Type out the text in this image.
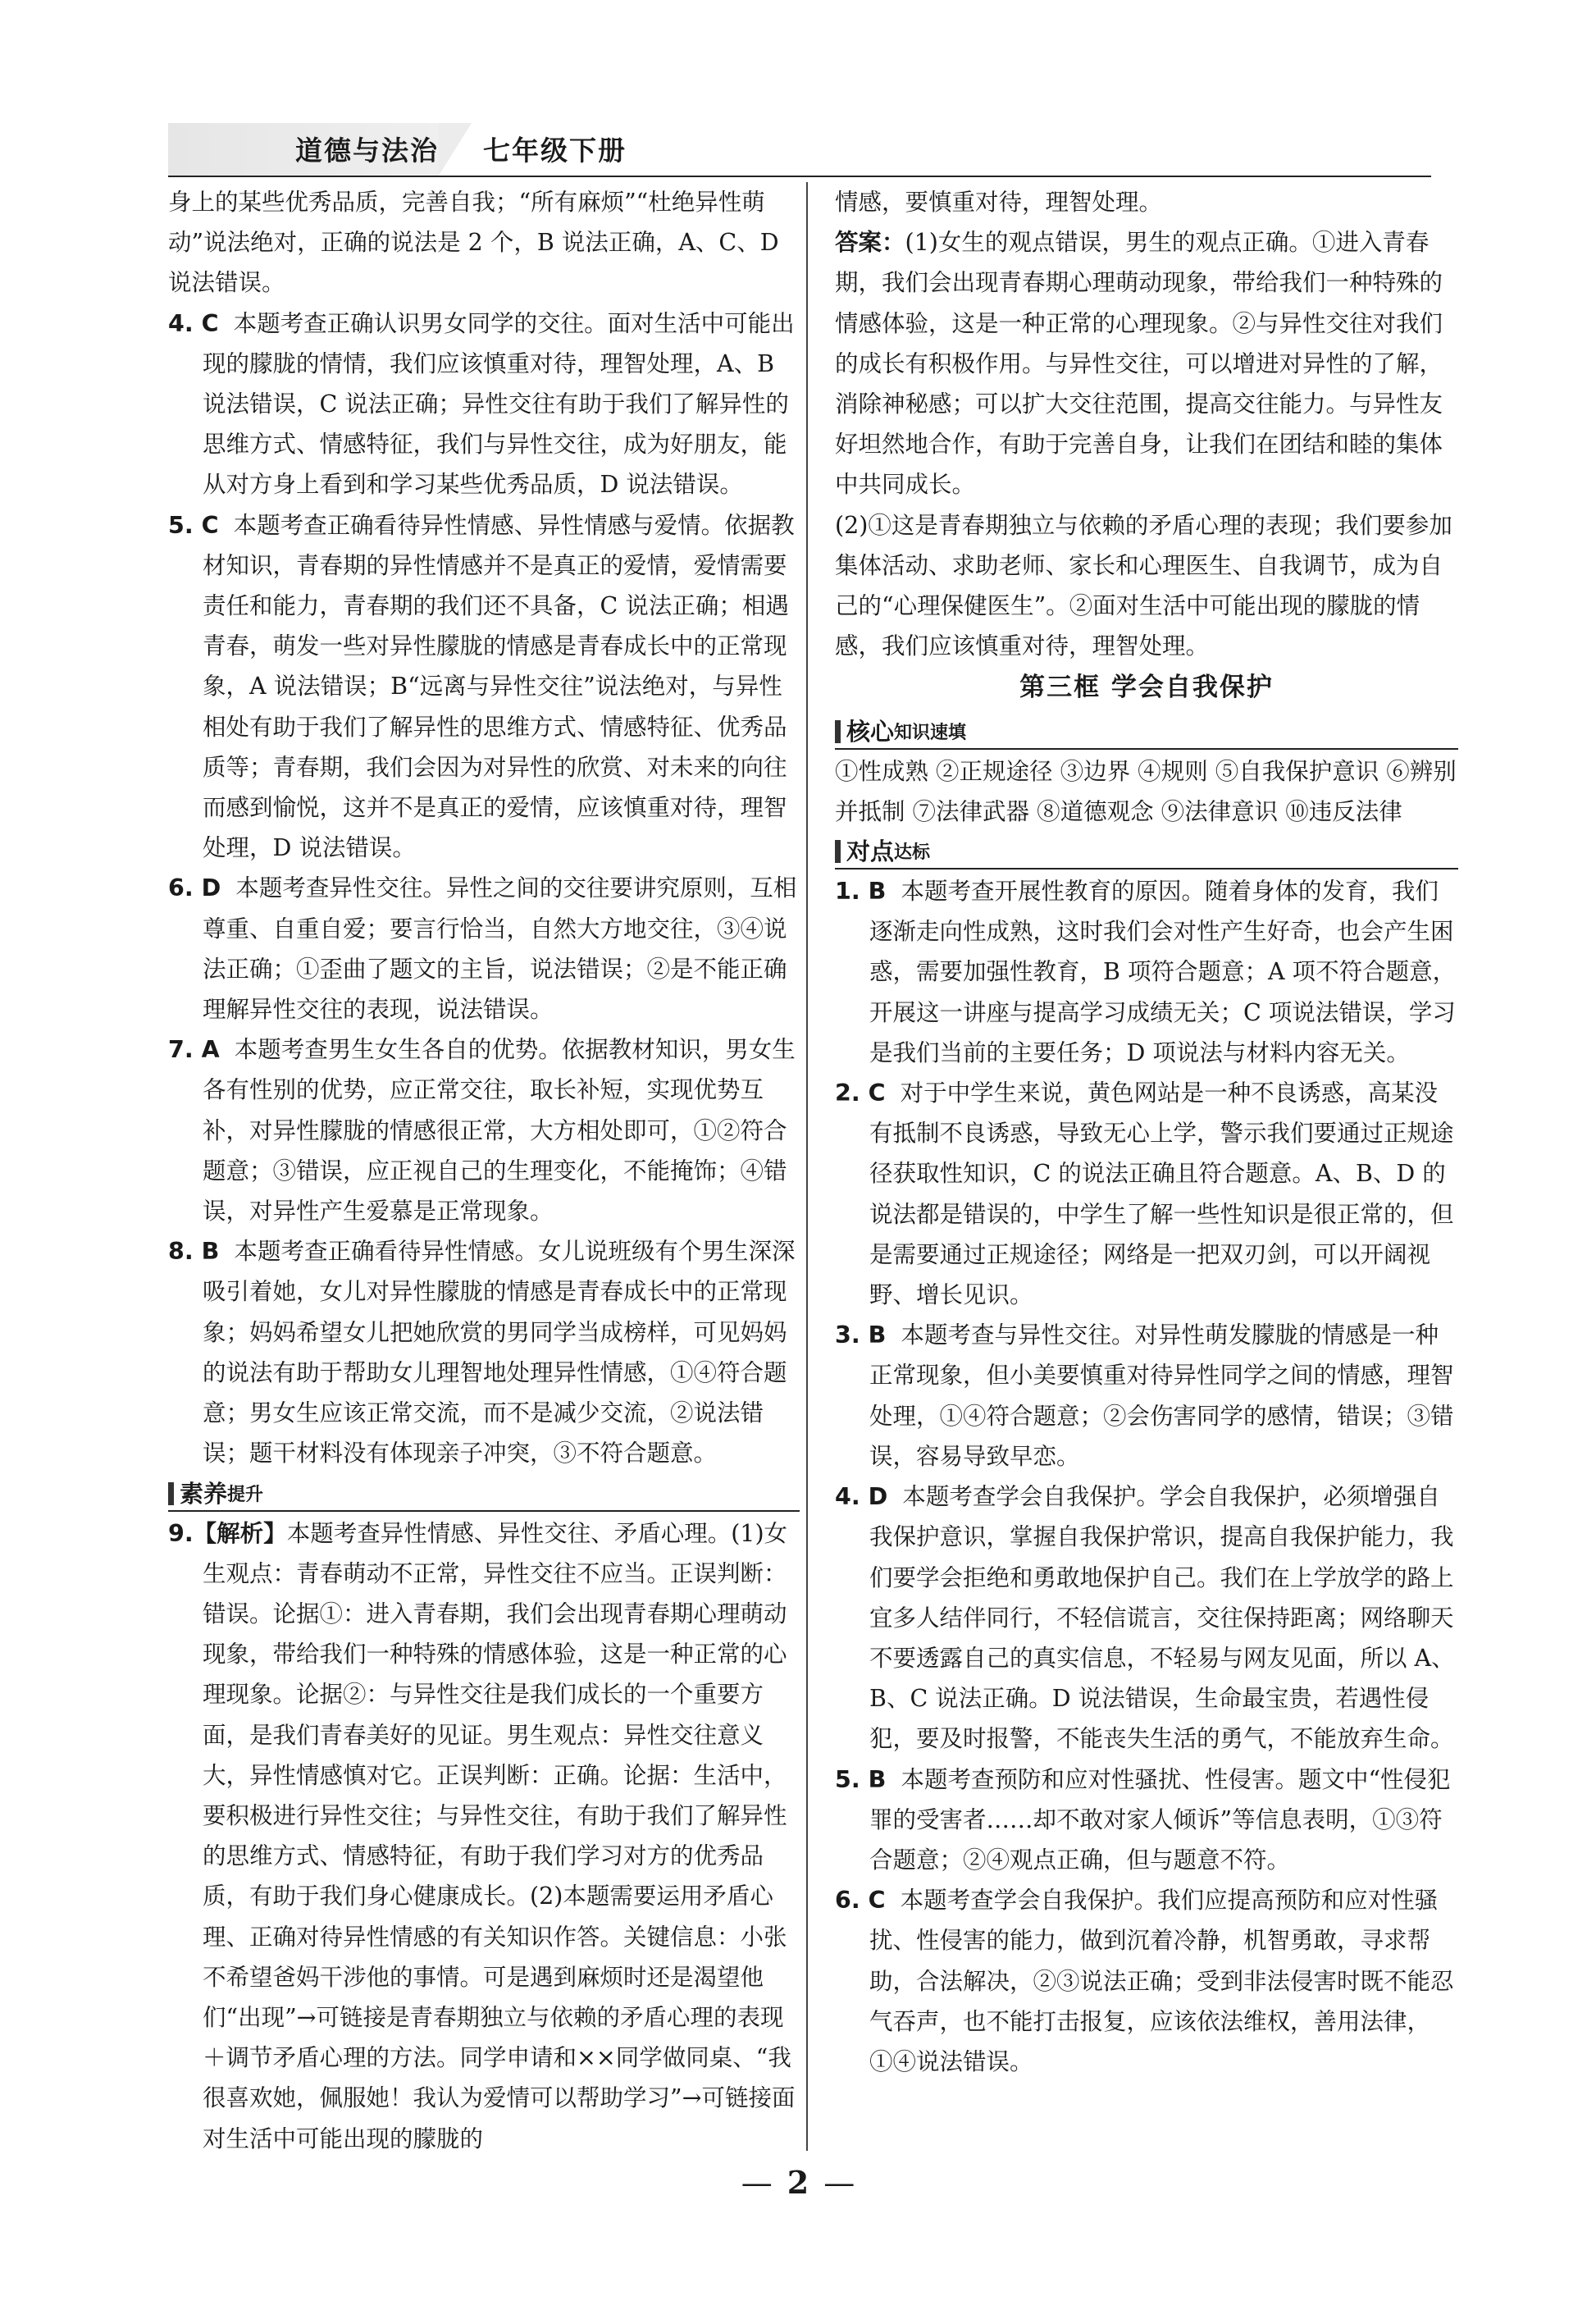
道德与法治    七年级下册

身上的某些优秀品质，完善自我；“所有麻烦”“杜绝异性萌动”说法绝对，正确的说法是 2 个，B 说法正确，A、C、D 说法错误。

4. C 本题考查正确认识男女同学的交往。面对生活中可能出现的朦胧的情情，我们应该慎重对待，理智处理，A、B 说法错误，C 说法正确；异性交往有助于我们了解异性的思维方式、情感特征，我们与异性交往，成为好朋友，能从对方身上看到和学习某些优秀品质，D 说法错误。

5. C 本题考查正确看待异性情感、异性情感与爱情。依据教材知识，青春期的异性情感并不是真正的爱情，爱情需要责任和能力，青春期的我们还不具备，C 说法正确；相遇青春，萌发一些对异性朦胧的情感是青春成长中的正常现象，A 说法错误；B“远离与异性交往”说法绝对，与异性相处有助于我们了解异性的思维方式、情感特征、优秀品质等；青春期，我们会因为对异性的欣赏、对未来的向往而感到愉悦，这并不是真正的爱情，应该慎重对待，理智处理，D 说法错误。

6. D 本题考查异性交往。异性之间的交往要讲究原则，互相尊重、自重自爱；要言行恰当，自然大方地交往，③④说法正确；①歪曲了题文的主旨，说法错误；②是不能正确理解异性交往的表现，说法错误。

7. A 本题考查男生女生各自的优势。依据教材知识，男女生各有性别的优势，应正常交往，取长补短，实现优势互补，对异性朦胧的情感很正常，大方相处即可，①②符合题意；③错误，应正视自己的生理变化，不能掩饰；④错误，对异性产生爱慕是正常现象。

8. B 本题考查正确看待异性情感。女儿说班级有个男生深深吸引着她，女儿对异性朦胧的情感是青春成长中的正常现象；妈妈希望女儿把她欣赏的男同学当成榜样，可见妈妈的说法有助于帮助女儿理智地处理异性情感，①④符合题意；男女生应该正常交流，而不是减少交流，②说法错误；题干材料没有体现亲子冲突，③不符合题意。

素养 提升

9.【解析】本题考查异性情感、异性交往、矛盾心理。(1)女生观点：青春萌动不正常，异性交往不应当。正误判断：错误。论据①：进入青春期，我们会出现青春期心理萌动现象，带给我们一种特殊的情感体验，这是一种正常的心理现象。论据②：与异性交往是我们成长的一个重要方面，是我们青春美好的见证。男生观点：异性交往意义大，异性情感慎对它。正误判断：正确。论据：生活中，要积极进行异性交往；与异性交往，有助于我们了解异性的思维方式、情感特征，有助于我们学习对方的优秀品质，有助于我们身心健康成长。(2)本题需要运用矛盾心理、正确对待异性情感的有关知识作答。关键信息：小张不希望爸妈干涉他的事情。可是遇到麻烦时还是渴望他们“出现”→可链接是青春期独立与依赖的矛盾心理的表现＋调节矛盾心理的方法。同学申请和××同学做同桌、“我很喜欢她，佩服她！我认为爱情可以帮助学习”→可链接面对生活中可能出现的朦胧的

情感，要慎重对待，理智处理。

答案：(1)女生的观点错误，男生的观点正确。①进入青春期，我们会出现青春期心理萌动现象，带给我们一种特殊的情感体验，这是一种正常的心理现象。②与异性交往对我们的成长有积极作用。与异性交往，可以增进对异性的了解，消除神秘感；可以扩大交往范围，提高交往能力。与异性友好坦然地合作，有助于完善自身，让我们在团结和睦的集体中共同成长。

(2)①这是青春期独立与依赖的矛盾心理的表现；我们要参加集体活动、求助老师、家长和心理医生、自我调节，成为自己的“心理保健医生”。②面对生活中可能出现的朦胧的情感，我们应该慎重对待，理智处理。

第三框 学会自我保护
核心 知识速填

①性成熟 ②正规途径 ③边界 ④规则 ⑤自我保护意识 ⑥辨别并抵制 ⑦法律武器 ⑧道德观念 ⑨法律意识 ⑩违反法律

对点 达标

1. B 本题考查开展性教育的原因。随着身体的发育，我们逐渐走向性成熟，这时我们会对性产生好奇，也会产生困惑，需要加强性教育，B 项符合题意；A 项不符合题意，开展这一讲座与提高学习成绩无关；C 项说法错误，学习是我们当前的主要任务；D 项说法与材料内容无关。

2. C 对于中学生来说，黄色网站是一种不良诱惑，高某没有抵制不良诱惑，导致无心上学，警示我们要通过正规途径获取性知识，C 的说法正确且符合题意。A、B、D 的说法都是错误的，中学生了解一些性知识是很正常的，但是需要通过正规途径；网络是一把双刃剑，可以开阔视野、增长见识。

3. B 本题考查与异性交往。对异性萌发朦胧的情感是一种正常现象，但小美要慎重对待异性同学之间的情感，理智处理，①④符合题意；②会伤害同学的感情，错误；③错误，容易导致早恋。

4. D 本题考查学会自我保护。学会自我保护，必须增强自我保护意识，掌握自我保护常识，提高自我保护能力，我们要学会拒绝和勇敢地保护自己。我们在上学放学的路上宜多人结伴同行，不轻信谎言，交往保持距离；网络聊天不要透露自己的真实信息，不轻易与网友见面，所以 A、B、C 说法正确。D 说法错误，生命最宝贵，若遇性侵犯，要及时报警，不能丧失生活的勇气，不能放弃生命。

5. B 本题考查预防和应对性骚扰、性侵害。题文中“性侵犯罪的受害者……却不敢对家人倾诉”等信息表明，①③符合题意；②④观点正确，但与题意不符。

6. C 本题考查学会自我保护。我们应提高预防和应对性骚扰、性侵害的能力，做到沉着冷静，机智勇敢，寻求帮助，合法解决，②③说法正确；受到非法侵害时既不能忍气吞声，也不能打击报复，应该依法维权，善用法律，①④说法错误。

— 2 —
